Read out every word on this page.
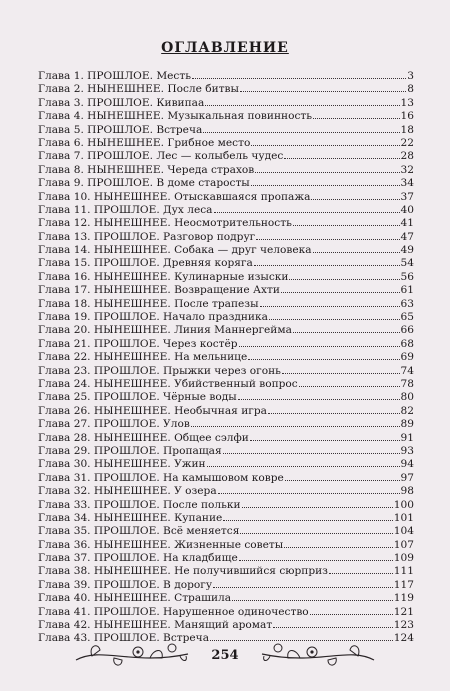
ОГЛАВЛЕНИЕ
Глава 1. ПРОШЛОЕ. Месть	3
Глава 2. НЫНЕШНЕЕ. После битвы	8
Глава 3. ПРОШЛОЕ. Кивипаа	13
Глава 4. НЫНЕШНЕЕ. Музыкальная повинность	16
Глава 5. ПРОШЛОЕ. Встреча	18
Глава 6. НЫНЕШНЕЕ. Грибное место	22
Глава 7. ПРОШЛОЕ. Лес — колыбель чудес	28
Глава 8. НЫНЕШНЕЕ. Череда страхов	32
Глава 9. ПРОШЛОЕ. В доме старосты	34
Глава 10. НЫНЕШНЕЕ. Отыскавшаяся пропажа	37
Глава 11. ПРОШЛОЕ. Дух леса	40
Глава 12. НЫНЕШНЕЕ. Неосмотрительность	41
Глава 13. ПРОШЛОЕ. Разговор подруг	47
Глава 14. НЫНЕШНЕЕ. Собака — друг человека	49
Глава 15. ПРОШЛОЕ. Древняя коряга	54
Глава 16. НЫНЕШНЕЕ. Кулинарные изыски	56
Глава 17. НЫНЕШНЕЕ. Возвращение Ахти	61
Глава 18. НЫНЕШНЕЕ. После трапезы	63
Глава 19. ПРОШЛОЕ. Начало праздника	65
Глава 20. НЫНЕШНЕЕ. Линия Маннергейма	66
Глава 21. ПРОШЛОЕ. Через костёр	68
Глава 22. НЫНЕШНЕЕ. На мельнице	69
Глава 23. ПРОШЛОЕ. Прыжки через огонь	74
Глава 24. НЫНЕШНЕЕ. Убийственный вопрос	78
Глава 25. ПРОШЛОЕ. Чёрные воды	80
Глава 26. НЫНЕШНЕЕ. Необычная игра	82
Глава 27. ПРОШЛОЕ. Улов	89
Глава 28. НЫНЕШНЕЕ. Общее сэлфи	91
Глава 29. ПРОШЛОЕ. Пропащая	93
Глава 30. НЫНЕШНЕЕ. Ужин	94
Глава 31. ПРОШЛОЕ. На камышовом ковре	97
Глава 32. НЫНЕШНЕЕ. У озера	98
Глава 33. ПРОШЛОЕ. После польки	100
Глава 34. НЫНЕШНЕЕ. Купание	101
Глава 35. ПРОШЛОЕ. Всё меняется	104
Глава 36. НЫНЕШНЕЕ. Жизненные советы	107
Глава 37. ПРОШЛОЕ. На кладбище	109
Глава 38. НЫНЕШНЕЕ. Не получившийся сюрприз	111
Глава 39. ПРОШЛОЕ. В дорогу	117
Глава 40. НЫНЕШНЕЕ. Страшила	119
Глава 41. ПРОШЛОЕ. Нарушенное одиночество	121
Глава 42. НЫНЕШНЕЕ. Манящий аромат	123
Глава 43. ПРОШЛОЕ. Встреча	124
254
